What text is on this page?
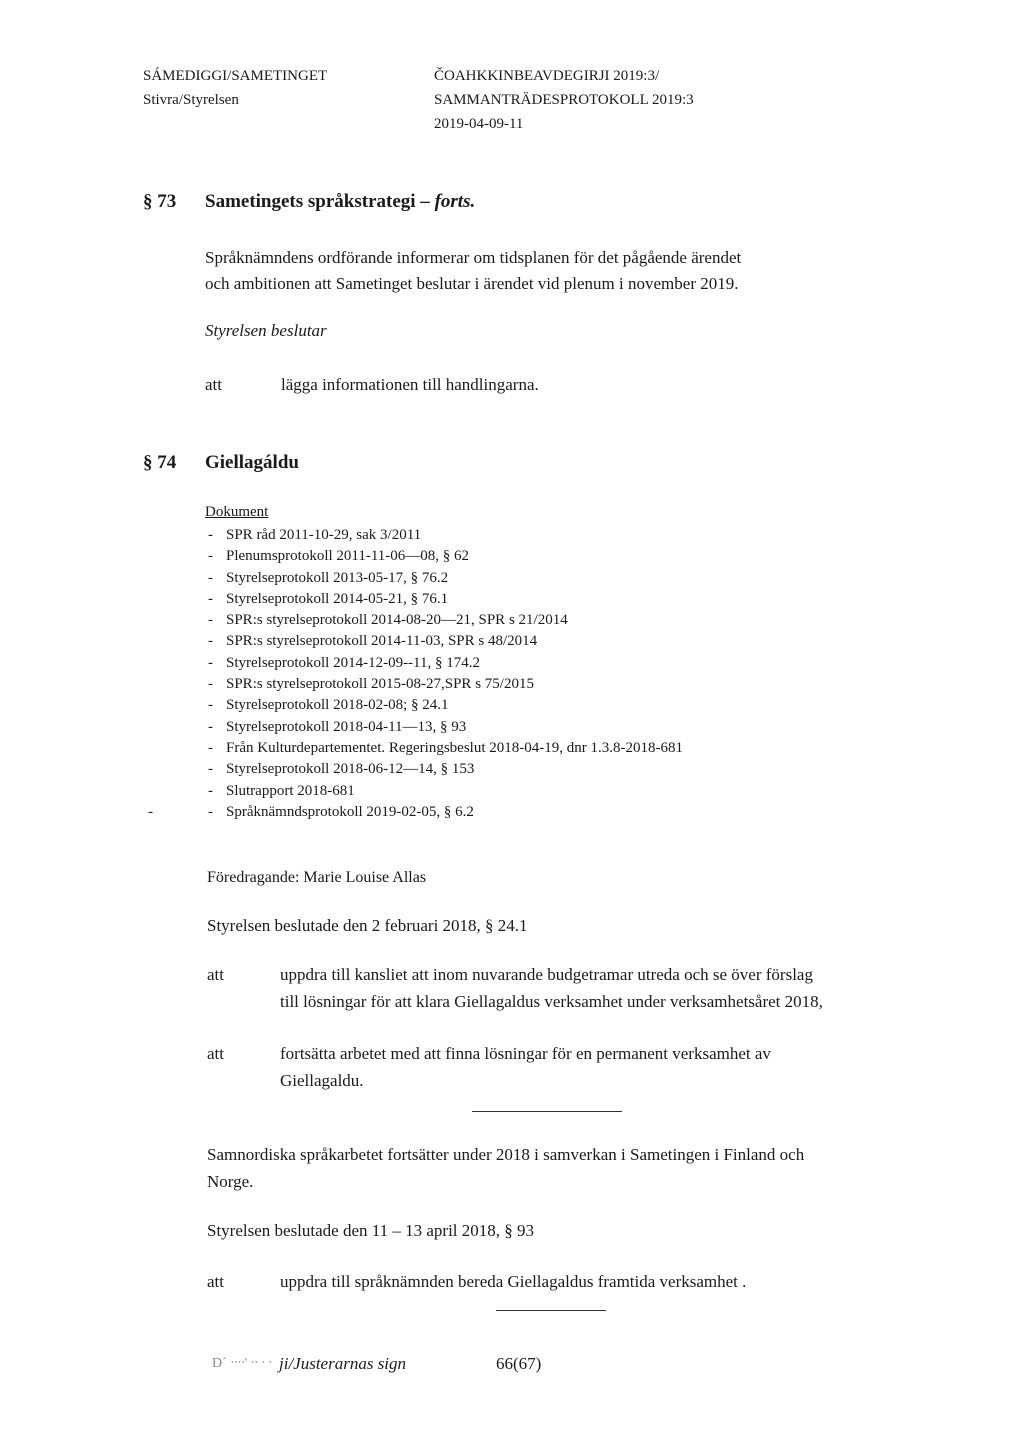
SÁMEDIGGI/SAMETINGET
Stivra/Styrelsen
ČOAHKKINBEAVDEGIRJI 2019:3/
SAMMANTRÄDESPROTOKOLL 2019:3
2019-04-09-11
§ 73 Sametingets språkstrategi – forts.
Språknämndens ordförande informerar om tidsplanen för det pågående ärendet
och ambitionen att Sametinget beslutar i ärendet vid plenum i november 2019.
Styrelsen beslutar
att	lägga informationen till handlingarna.
§ 74 Giellagáldu
Dokument
- SPR råd 2011-10-29, sak 3/2011
- Plenumsprotokoll 2011-11-06—08, § 62
- Styrelseprotokoll 2013-05-17, § 76.2
- Styrelseprotokoll 2014-05-21, § 76.1
- SPR:s styrelseprotokoll 2014-08-20—21, SPR s 21/2014
- SPR:s styrelseprotokoll 2014-11-03, SPR s 48/2014
- Styrelseprotokoll 2014-12-09--11, § 174.2
- SPR:s styrelseprotokoll 2015-08-27,SPR s 75/2015
- Styrelseprotokoll 2018-02-08; § 24.1
- Styrelseprotokoll 2018-04-11—13, § 93
- Från Kulturdepartementet. Regeringsbeslut 2018-04-19, dnr 1.3.8-2018-681
- Styrelseprotokoll 2018-06-12—14, § 153
- Slutrapport 2018-681
- Språknämndsprotokoll 2019-02-05, § 6.2
-
Föredragande: Marie Louise Allas
Styrelsen beslutade den 2 februari 2018, § 24.1
att	uppdra till kansliet att inom nuvarande budgetramar utreda och se över förslag
till lösningar för att klara Giellagaldus verksamhet under verksamhetsåret 2018,
att	fortsätta arbetet med att finna lösningar för en permanent verksamhet av
Giellagaldu.
Samnordiska språkarbetet fortsätter under 2018 i samverkan i Sametingen i Finland och
Norge.
Styrelsen beslutade den 11 – 13 april 2018, § 93
att	uppdra till språknämnden bereda Giellagaldus framtida verksamhet .
D´ ᐧᐧᐧᐧ' ᐧᐧ ᐧ ᐧ ji/Justerarnas sign	66(67)
